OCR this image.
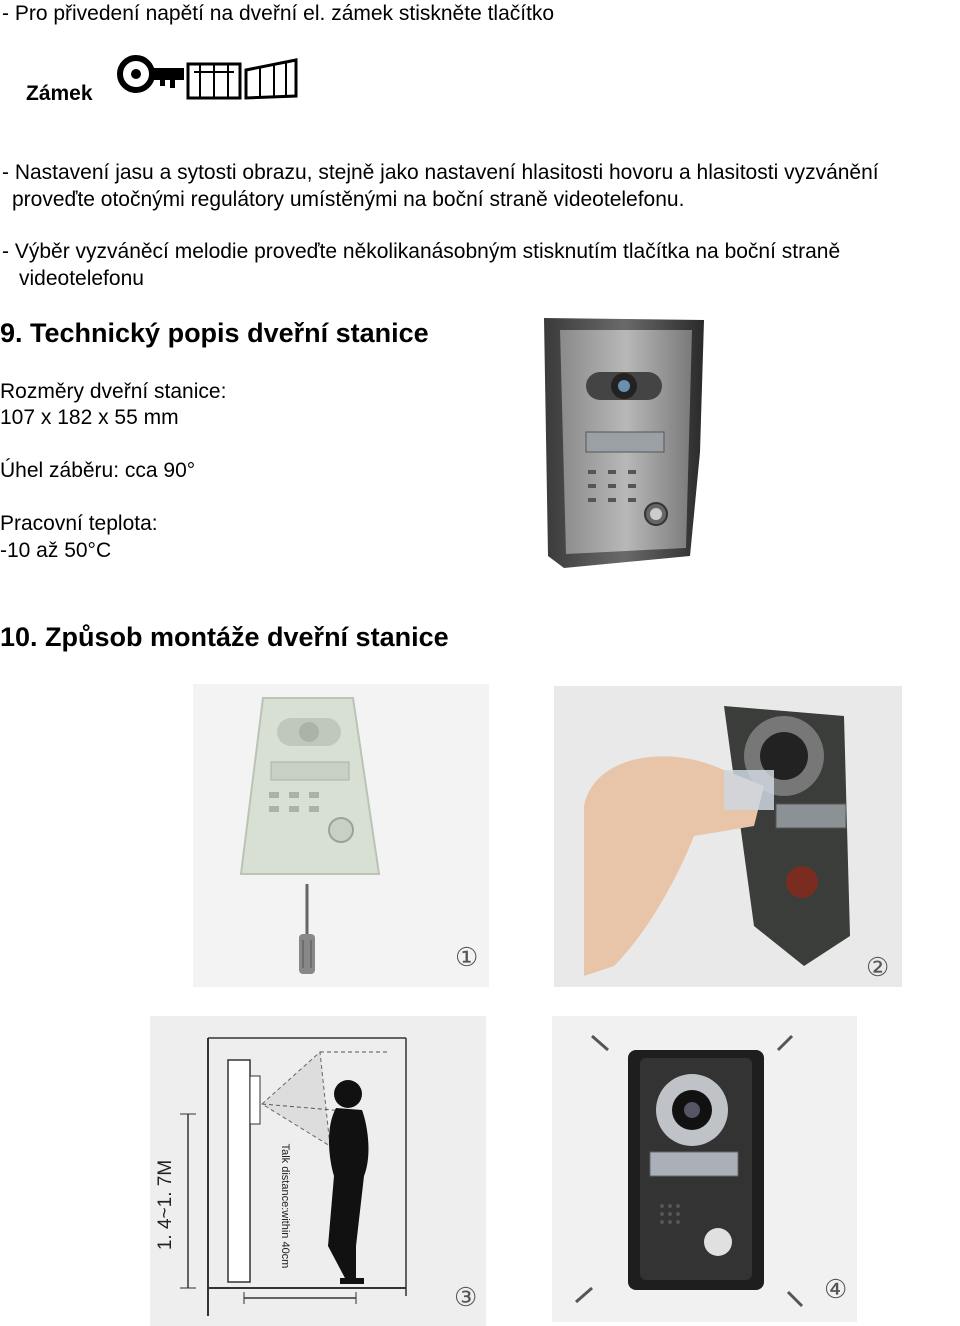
- Pro přivedení napětí na dveřní el. zámek stiskněte tlačítko
Zámek
- Nastavení jasu a sytosti obrazu, stejně jako nastavení hlasitosti hovoru a hlasitosti vyzvánění
proveďte otočnými regulátory umístěnými na boční straně videotelefonu.
- Výběr vyzváněcí melodie proveďte několikanásobným stisknutím tlačítka na boční straně
videotelefonu
9. Technický popis dveřní stanice
Rozměry dveřní stanice:
107 x 182 x 55 mm
Úhel záběru: cca 90°
Pracovní teplota:
-10 až 50°C
10. Způsob montáže dveřní stanice
①	②
1. 4~1. 7M	Talk distance:within 40cm
③	④
